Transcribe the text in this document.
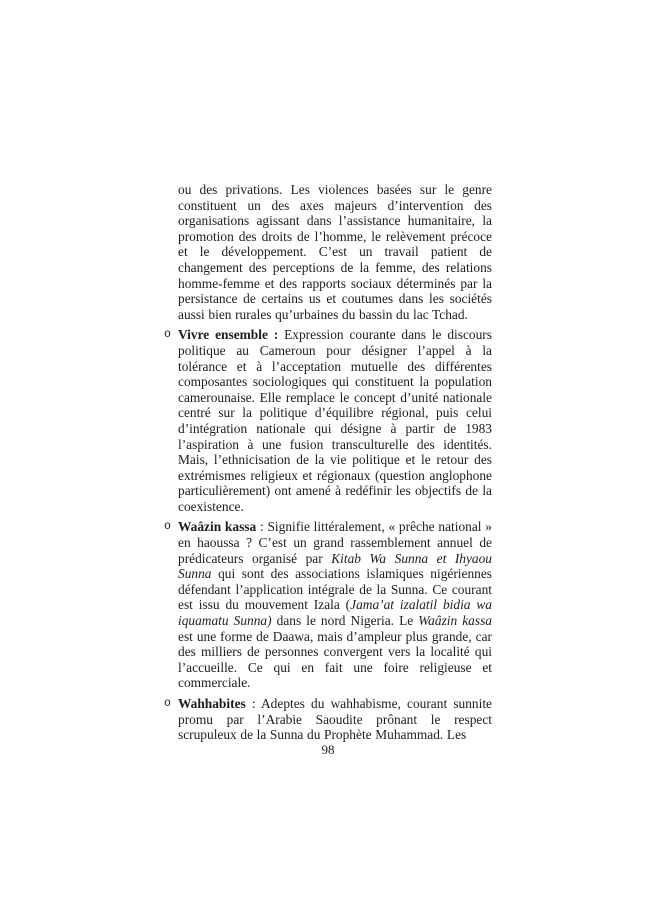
ou des privations. Les violences basées sur le genre constituent un des axes majeurs d’intervention des organisations agissant dans l’assistance humanitaire, la promotion des droits de l’homme, le relèvement précoce et le développement. C’est un travail patient de changement des perceptions de la femme, des relations homme-femme et des rapports sociaux déterminés par la persistance de certains us et coutumes dans les sociétés aussi bien rurales qu’urbaines du bassin du lac Tchad.
o Vivre ensemble : Expression courante dans le discours politique au Cameroun pour désigner l’appel à la tolérance et à l’acceptation mutuelle des différentes composantes sociologiques qui constituent la population camerounaise. Elle remplace le concept d’unité nationale centré sur la politique d’équilibre régional, puis celui d’intégration nationale qui désigne à partir de 1983 l’aspiration à une fusion transculturelle des identités. Mais, l’ethnicisation de la vie politique et le retour des extrémismes religieux et régionaux (question anglophone particulièrement) ont amené à redéfinir les objectifs de la coexistence.
o Waâzin kassa : Signifie littéralement, « prêche national » en haoussa ? C’est un grand rassemblement annuel de prédicateurs organisé par Kitab Wa Sunna et Ihyaou Sunna qui sont des associations islamiques nigériennes défendant l’application intégrale de la Sunna. Ce courant est issu du mouvement Izala (Jama’at izalatil bidia wa iquamatu Sunna) dans le nord Nigeria. Le Waâzin kassa est une forme de Daawa, mais d’ampleur plus grande, car des milliers de personnes convergent vers la localité qui l’accueille. Ce qui en fait une foire religieuse et commerciale.
o Wahhabites : Adeptes du wahhabisme, courant sunnite promu par l’Arabie Saoudite prônant le respect scrupuleux de la Sunna du Prophète Muhammad. Les
98
